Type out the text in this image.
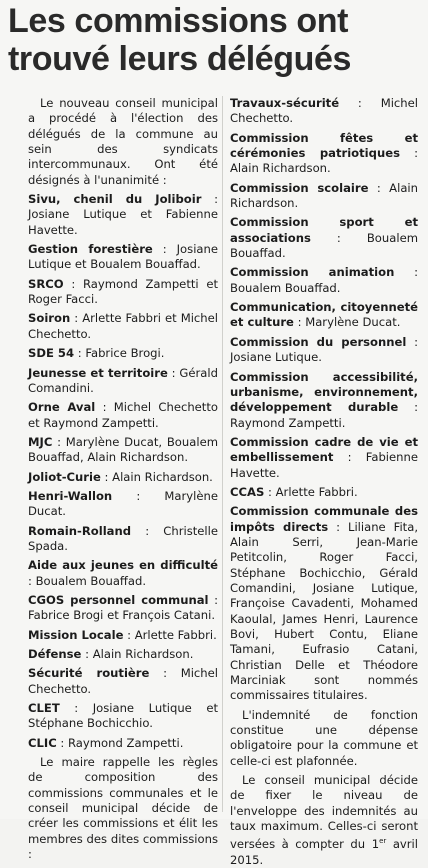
Les commissions ont trouvé leurs délégués

Le nouveau conseil municipal a procédé à l'élection des délégués de la commune au sein des syndicats intercommunaux. Ont été désignés à l'unanimité :

Sivu, chenil du Joliboir : Josiane Lutique et Fabienne Havette.

Gestion forestière : Josiane Lutique et Boualem Bouaffad.

SRCO : Raymond Zampetti et Roger Facci.

Soiron : Arlette Fabbri et Michel Chechetto.

SDE 54 : Fabrice Brogi.

Jeunesse et territoire : Gérald Comandini.

Orne Aval : Michel Chechetto et Raymond Zampetti.

MJC : Marylène Ducat, Boualem Bouaffad, Alain Richardson.

Joliot-Curie : Alain Richardson.

Henri-Wallon : Marylène Ducat.

Romain-Rolland : Christelle Spada.

Aide aux jeunes en difficulté : Boualem Bouaffad.

CGOS personnel communal : Fabrice Brogi et François Catani.

Mission Locale : Arlette Fabbri.

Défense : Alain Richardson.

Sécurité routière : Michel Chechetto.

CLET : Josiane Lutique et Stéphane Bochicchio.

CLIC : Raymond Zampetti.

Le maire rappelle les règles de composition des commissions communales et le conseil municipal décide de créer les commissions et élit les membres des dites commissions :

Travaux-sécurité : Michel Chechetto.

Commission fêtes et cérémonies patriotiques : Alain Richardson.

Commission scolaire : Alain Richardson.

Commission sport et associations : Boualem Bouaffad.

Commission animation : Boualem Bouaffad.

Communication, citoyenneté et culture : Marylène Ducat.

Commission du personnel : Josiane Lutique.

Commission accessibilité, urbanisme, environnement, développement durable : Raymond Zampetti.

Commission cadre de vie et embellissement : Fabienne Havette.

CCAS : Arlette Fabbri.

Commission communale des impôts directs : Liliane Fita, Alain Serri, Jean-Marie Petitcolin, Roger Facci, Stéphane Bochicchio, Gérald Comandini, Josiane Lutique, Françoise Cavadenti, Mohamed Kaoulal, James Henri, Laurence Bovi, Hubert Contu, Eliane Tamani, Eufrasio Catani, Christian Delle et Théodore Marciniak sont nommés commissaires titulaires.

L'indemnité de fonction constitue une dépense obligatoire pour la commune et celle-ci est plafonnée.

Le conseil municipal décide de fixer le niveau de l'enveloppe des indemnités au taux maximum. Celles-ci seront versées à compter du 1er avril 2015.
